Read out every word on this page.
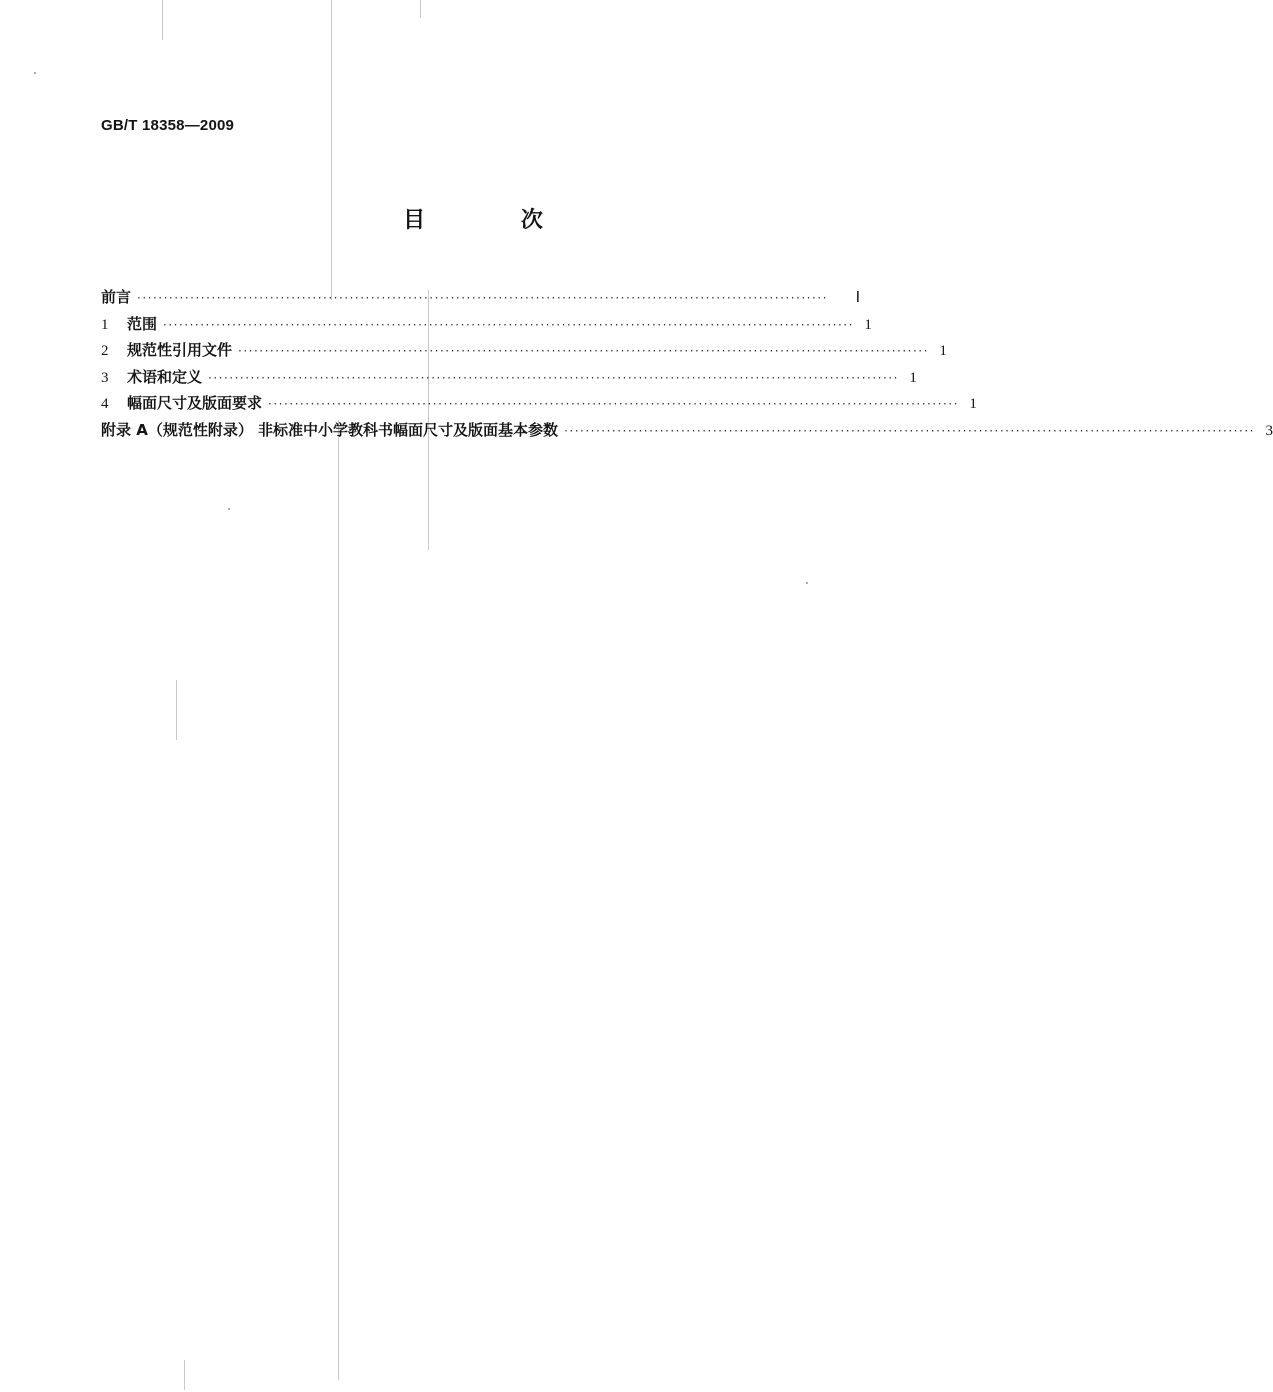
GB/T 18358—2009
目 次
前言 ··································································································································	Ⅰ
1	范围 ·································································································································· 1
2	规范性引用文件 ·································································································································· 1
3	术语和定义 ·································································································································· 1
4	幅面尺寸及版面要求 ·································································································································· 1
附录 A（规范性附录） 非标准中小学教科书幅面尺寸及版面基本参数 ·································································································································· 3
